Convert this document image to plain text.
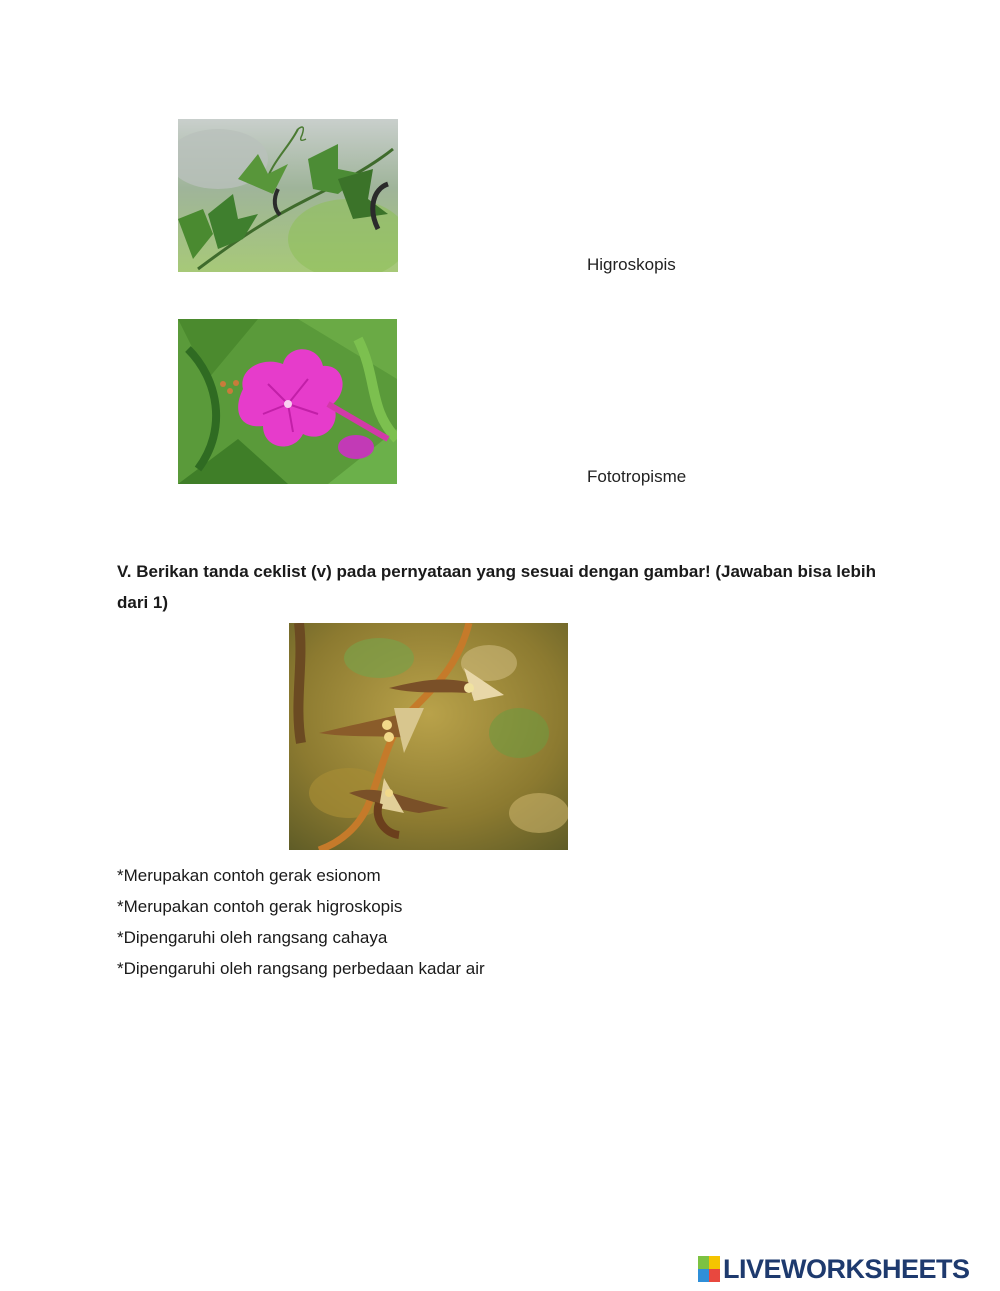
Higroskopis
Fototropisme
V. Berikan tanda ceklist (v) pada pernyataan yang sesuai dengan gambar! (Jawaban bisa lebih dari 1)
*Merupakan contoh gerak esionom
*Merupakan contoh gerak higroskopis
*Dipengaruhi oleh rangsang cahaya
*Dipengaruhi oleh rangsang perbedaan kadar air
LIVEWORKSHEETS
